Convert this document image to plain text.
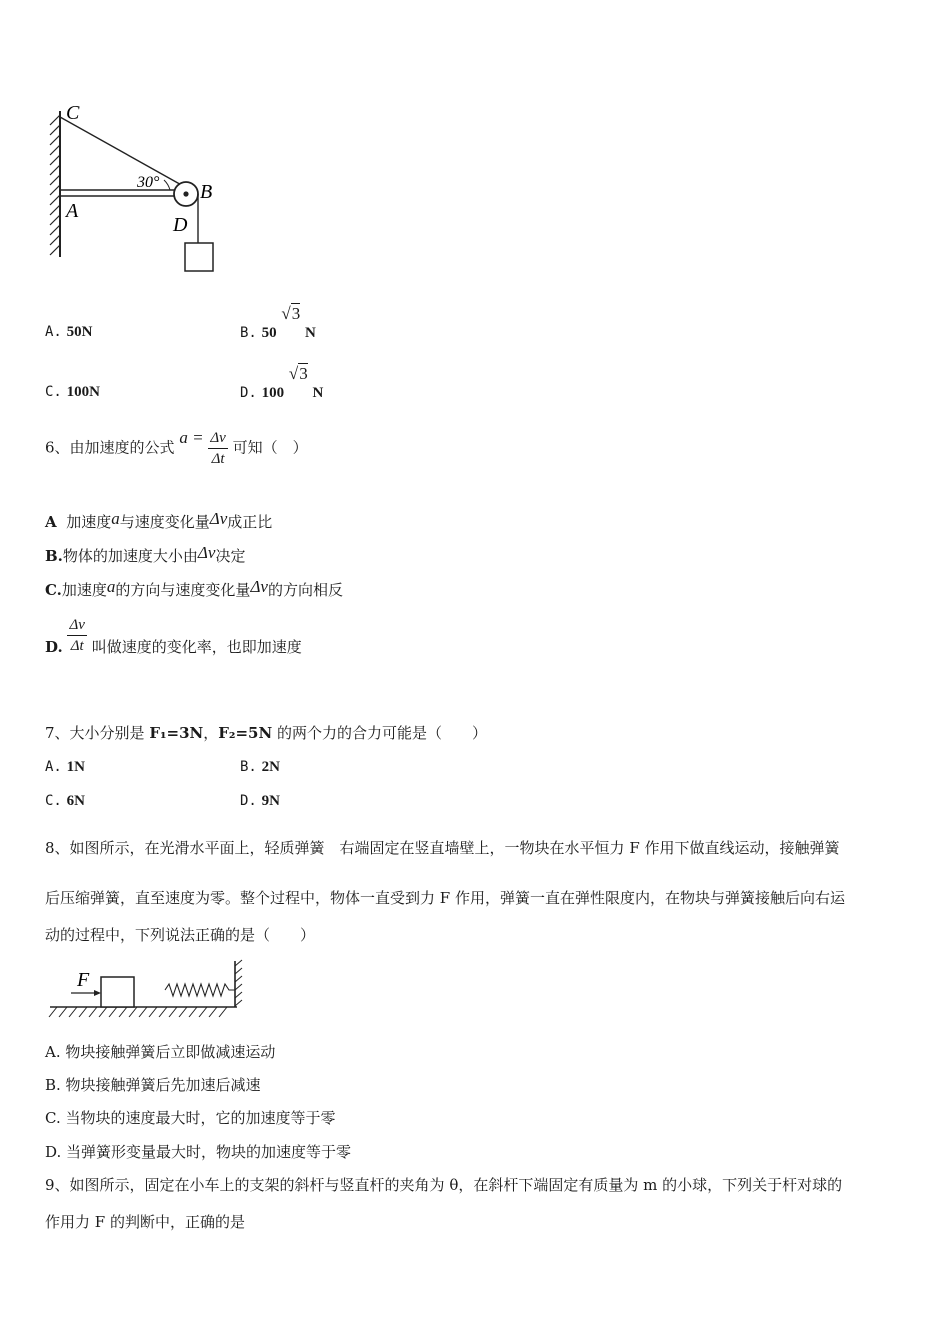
C
A
B
D
30°
A. 50N	B. 50 √3 N
C. 100N	D. 100 √3 N
6、由加速度的公式 $a = \frac{\Delta v}{\Delta t}$ 可知（　）
A 加速度a与速度变化量Δv成正比
B.物体的加速度大小由Δv决定
C.加速度a的方向与速度变化量Δv的方向相反
D. $\frac{\Delta v}{\Delta t}$ 叫做速度的变化率，也即加速度
7、大小分别是 F₁=3N，F₂=5N 的两个力的合力可能是（　　）
A. 1N	B. 2N
C. 6N	D. 9N
8、如图所示，在光滑水平面上，轻质弹簧　右端固定在竖直墙壁上，一物块在水平恒力 F 作用下做直线运动，接触弹簧
后压缩弹簧，直至速度为零。整个过程中，物体一直受到力 F 作用，弹簧一直在弹性限度内，在物块与弹簧接触后向右运
动的过程中，下列说法正确的是（　　）
F
A. 物块接触弹簧后立即做减速运动
B. 物块接触弹簧后先加速后减速
C. 当物块的速度最大时，它的加速度等于零
D. 当弹簧形变量最大时，物块的加速度等于零
9、如图所示，固定在小车上的支架的斜杆与竖直杆的夹角为 θ，在斜杆下端固定有质量为 m 的小球，下列关于杆对球的
作用力 F 的判断中，正确的是
